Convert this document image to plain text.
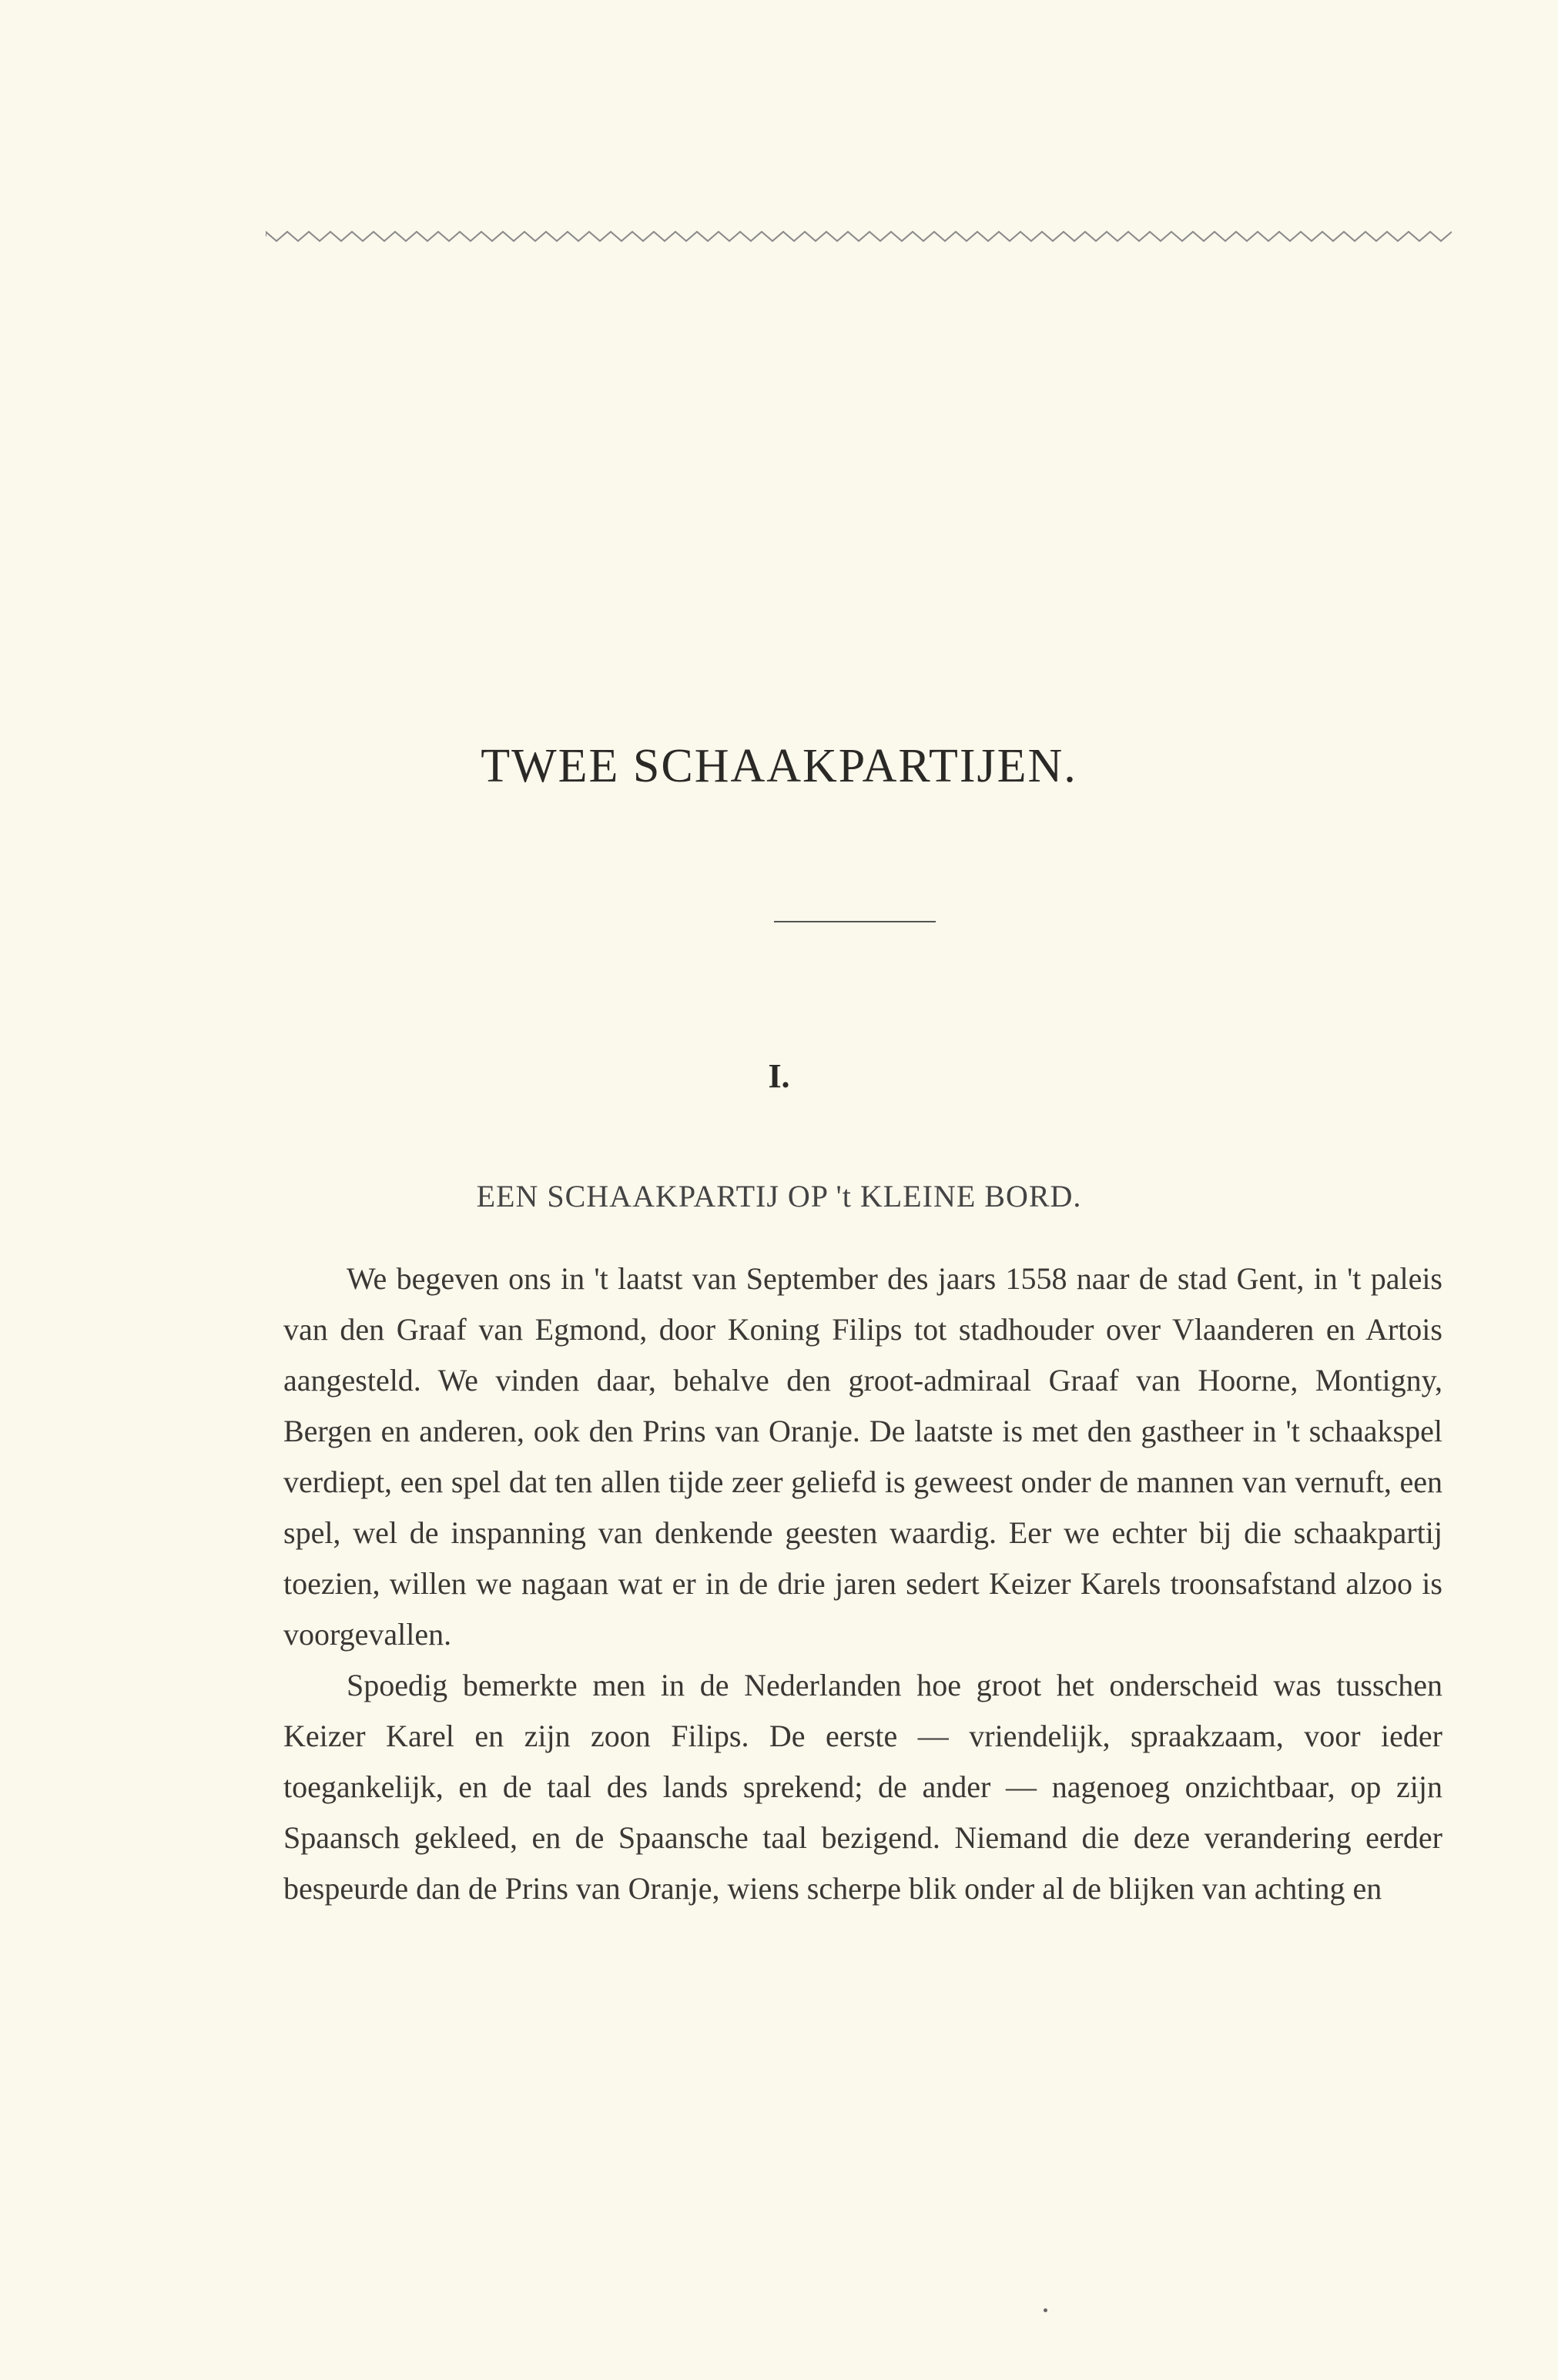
TWEE SCHAAKPARTIJEN.
I.
EEN SCHAAKPARTIJ OP 't KLEINE BORD.

We begeven ons in 't laatst van September des jaars 1558 naar de stad Gent, in 't paleis van den Graaf van Egmond, door Koning Filips tot stadhouder over Vlaanderen en Artois aangesteld. We vinden daar, behalve den groot-admiraal Graaf van Hoorne, Montigny, Bergen en anderen, ook den Prins van Oranje. De laatste is met den gastheer in 't schaakspel verdiept, een spel dat ten allen tijde zeer geliefd is geweest onder de mannen van vernuft, een spel, wel de inspanning van denkende geesten waardig. Eer we echter bij die schaakpartij toezien, willen we nagaan wat er in de drie jaren sedert Keizer Karels troonsafstand alzoo is voorgevallen.

Spoedig bemerkte men in de Nederlanden hoe groot het onderscheid was tusschen Keizer Karel en zijn zoon Filips. De eerste — vriendelijk, spraakzaam, voor ieder toegankelijk, en de taal des lands sprekend; de ander — nagenoeg onzichtbaar, op zijn Spaansch gekleed, en de Spaansche taal bezigend. Niemand die deze verandering eerder bespeurde dan de Prins van Oranje, wiens scherpe blik onder al de blijken van achting en
